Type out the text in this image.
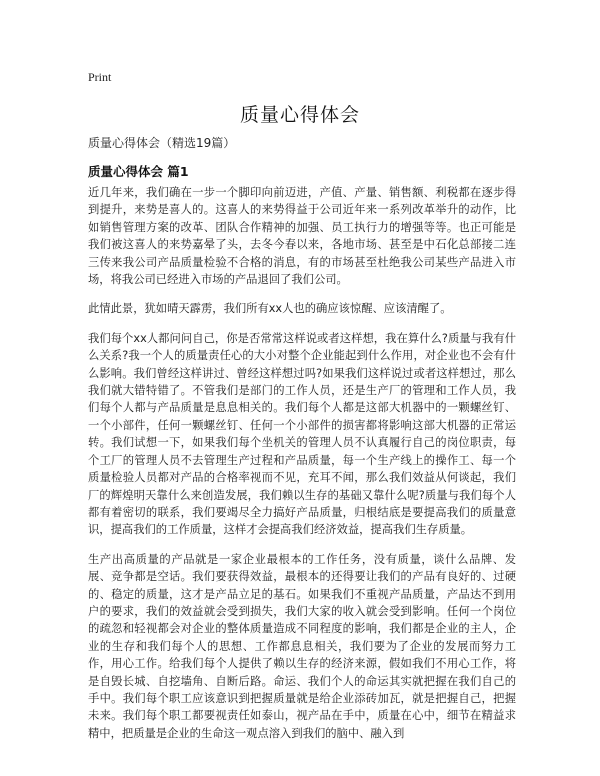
Print
质量心得体会
质量心得体会（精选19篇）
质量心得体会 篇1

近几年来，我们确在一步一个脚印向前迈进，产值、产量、销售额、利税都在逐步得到提升，来势是喜人的。这喜人的来势得益于公司近年来一系列改革举升的动作，比如销售管理方案的改革、团队合作精神的加强、员工执行力的增强等等。也正可能是我们被这喜人的来势嘉晕了头，去冬今春以来，各地市场、甚至是中石化总部接二连三传来我公司产品质量检验不合格的消息，有的市场甚至杜绝我公司某些产品进入市场，将我公司已经进入市场的产品退回了我们公司。

此情此景，犹如晴天霹雳，我们所有xx人也的确应该惊醒、应该清醒了。

我们每个xx人都问问自己，你是否常常这样说或者这样想，我在算什么?质量与我有什么关系?我一个人的质量责任心的大小对整个企业能起到什么作用，对企业也不会有什么影响。我们曾经这样讲过、曾经这样想过吗?如果我们这样说过或者这样想过，那么我们就大错特错了。不管我们是部门的工作人员，还是生产厂的管理和工作人员，我们每个人都与产品质量是息息相关的。我们每个人都是这部大机器中的一颗螺丝钉、一个小部件，任何一颗螺丝钉、任何一个小部件的损害都将影响这部大机器的正常运转。我们试想一下，如果我们每个坐机关的管理人员不认真履行自己的岗位职责，每个工厂的管理人员不去管理生产过程和产品质量，每一个生产线上的操作工、每一个质量检验人员都对产品的合格率视而不见，充耳不闻，那么我们效益从何谈起，我们厂的辉煌明天靠什么来创造发展，我们赖以生存的基础又靠什么呢?质量与我们每个人都有着密切的联系，我们要竭尽全力搞好产品质量，归根结底是要提高我们的质量意识，提高我们的工作质量，这样才会提高我们经济效益，提高我们生存质量。

生产出高质量的产品就是一家企业最根本的工作任务，没有质量，谈什么品牌、发展、竞争都是空话。我们要获得效益，最根本的还得要让我们的产品有良好的、过硬的、稳定的质量，这才是产品立足的基石。如果我们不重视产品质量，产品达不到用户的要求，我们的效益就会受到损失，我们大家的收入就会受到影响。任何一个岗位的疏忽和轻视都会对企业的整体质量造成不同程度的影响，我们都是企业的主人，企业的生存和我们每个人的思想、工作都息息相关，我们要为了企业的发展而努力工作，用心工作。给我们每个人提供了赖以生存的经济来源，假如我们不用心工作，将是自毁长城、自挖墙角、自断后路。命运、我们个人的命运其实就把握在我们自己的手中。我们每个职工应该意识到把握质量就是给企业添砖加瓦，就是把握自己，把握未来。我们每个职工都要视责任如泰山，视产品在手中，质量在心中，细节在精益求精中，把质量是企业的生命这一观点溶入到我们的脑中、融入到
